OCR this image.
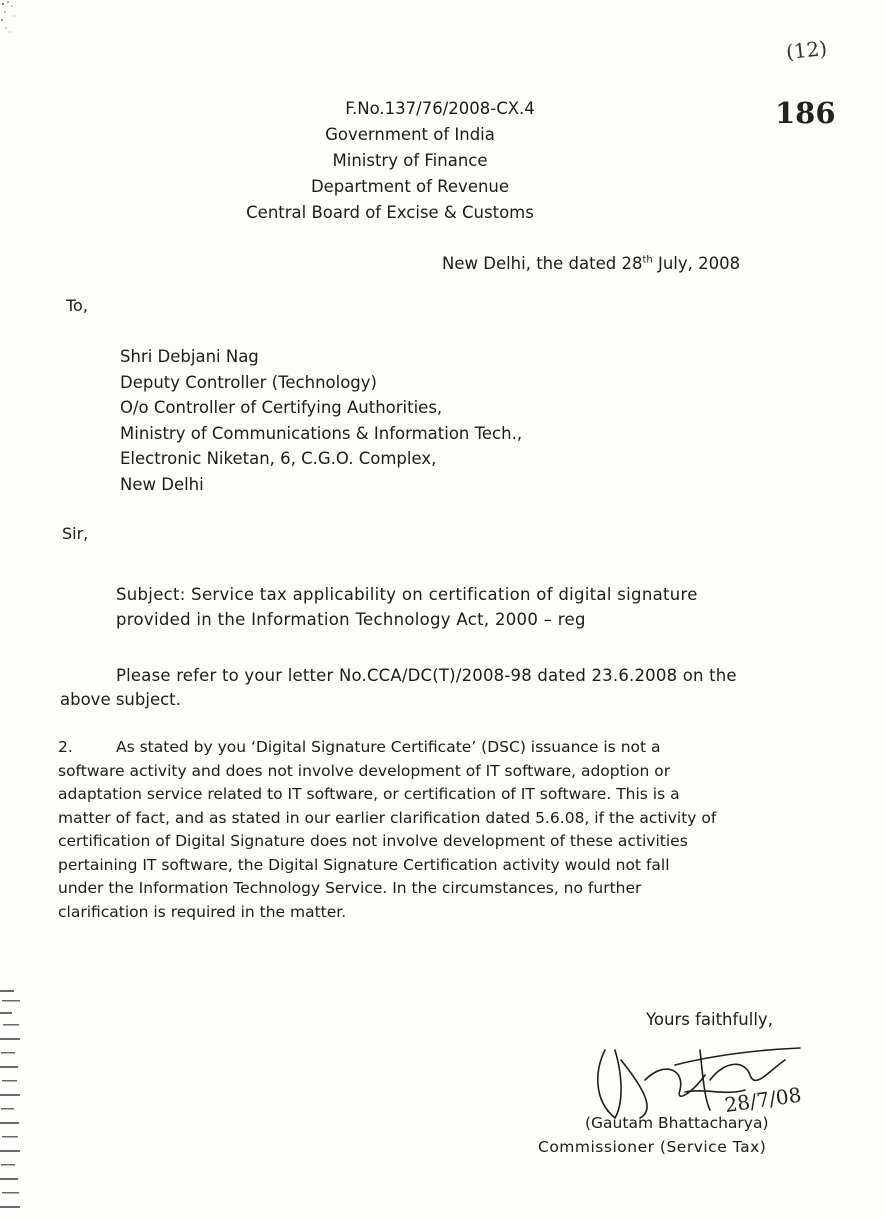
(12)
186
F.No.137/76/2008-CX.4
Government of India
Ministry of Finance
Department of Revenue
Central Board of Excise & Customs

New Delhi, the dated 28th July, 2008

To,

Shri Debjani Nag
Deputy Controller (Technology)
O/o Controller of Certifying Authorities,
Ministry of Communications & Information Tech.,
Electronic Niketan, 6, C.G.O. Complex,
New Delhi

Sir,

Subject: Service tax applicability on certification of digital signature
provided in the Information Technology Act, 2000 – reg
Please refer to your letter No.CCA/DC(T)/2008-98 dated 23.6.2008 on the
above subject.
2.	As stated by you ‘Digital Signature Certificate’ (DSC) issuance is not a
software activity and does not involve development of IT software, adoption or
adaptation service related to IT software, or certification of IT software. This is a
matter of fact, and as stated in our earlier clarification dated 5.6.08, if the activity of
certification of Digital Signature does not involve development of these activities
pertaining IT software, the Digital Signature Certification activity would not fall
under the Information Technology Service. In the circumstances, no further
clarification is required in the matter.

Yours faithfully,

28/7/08

(Gautam Bhattacharya)

Commissioner (Service Tax)
